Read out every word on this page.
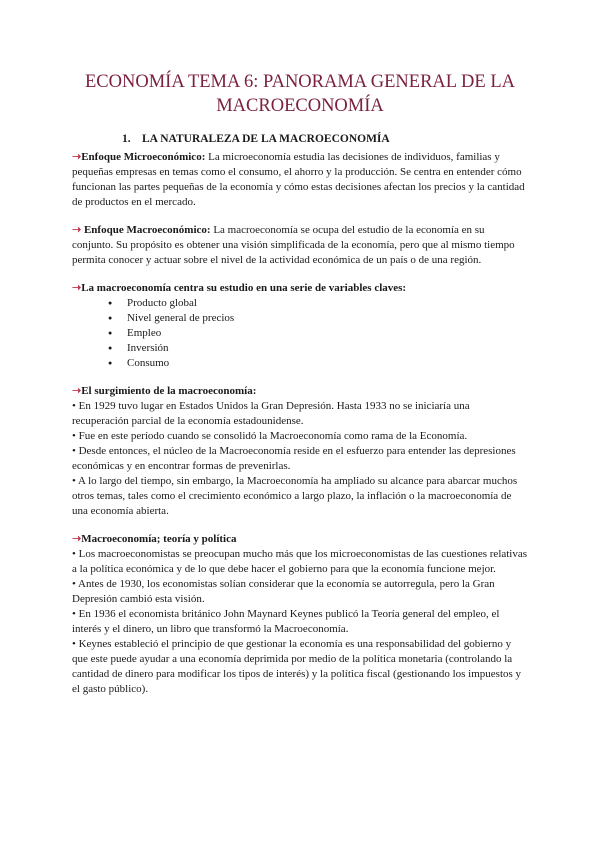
ECONOMÍA TEMA 6: PANORAMA GENERAL DE LA MACROECONOMÍA
1. LA NATURALEZA DE LA MACROECONOMÍA

➝Enfoque Microeconómico: La microeconomía estudia las decisiones de individuos, familias y pequeñas empresas en temas como el consumo, el ahorro y la producción. Se centra en entender cómo funcionan las partes pequeñas de la economía y cómo estas decisiones afectan los precios y la cantidad de productos en el mercado.

➝ Enfoque Macroeconómico: La macroeconomía se ocupa del estudio de la economía en su conjunto. Su propósito es obtener una visión simplificada de la economía, pero que al mismo tiempo permita conocer y actuar sobre el nivel de la actividad económica de un país o de una región.

➝La macroeconomía centra su estudio en una serie de variables claves:

● Producto global
● Nivel general de precios
● Empleo
● Inversión
● Consumo

➝El surgimiento de la macroeconomía:

• En 1929 tuvo lugar en Estados Unidos la Gran Depresión. Hasta 1933 no se iniciaría una recuperación parcial de la economía estadounidense.

• Fue en este período cuando se consolidó la Macroeconomía como rama de la Economía.

• Desde entonces, el núcleo de la Macroeconomía reside en el esfuerzo para entender las depresiones económicas y en encontrar formas de prevenirlas.

• A lo largo del tiempo, sin embargo, la Macroeconomía ha ampliado su alcance para abarcar muchos otros temas, tales como el crecimiento económico a largo plazo, la inflación o la macroeconomía de una economía abierta.

➝Macroeconomía; teoría y política

• Los macroeconomistas se preocupan mucho más que los microeconomistas de las cuestiones relativas a la política económica y de lo que debe hacer el gobierno para que la economía funcione mejor.

• Antes de 1930, los economistas solían considerar que la economía se autorregula, pero la Gran Depresión cambió esta visión.

• En 1936 el economista británico John Maynard Keynes publicó la Teoría general del empleo, el interés y el dinero, un libro que transformó la Macroeconomía.

• Keynes estableció el principio de que gestionar la economía es una responsabilidad del gobierno y que este puede ayudar a una economía deprimida por medio de la política monetaria (controlando la cantidad de dinero para modificar los tipos de interés) y la política fiscal (gestionando los impuestos y el gasto público).
